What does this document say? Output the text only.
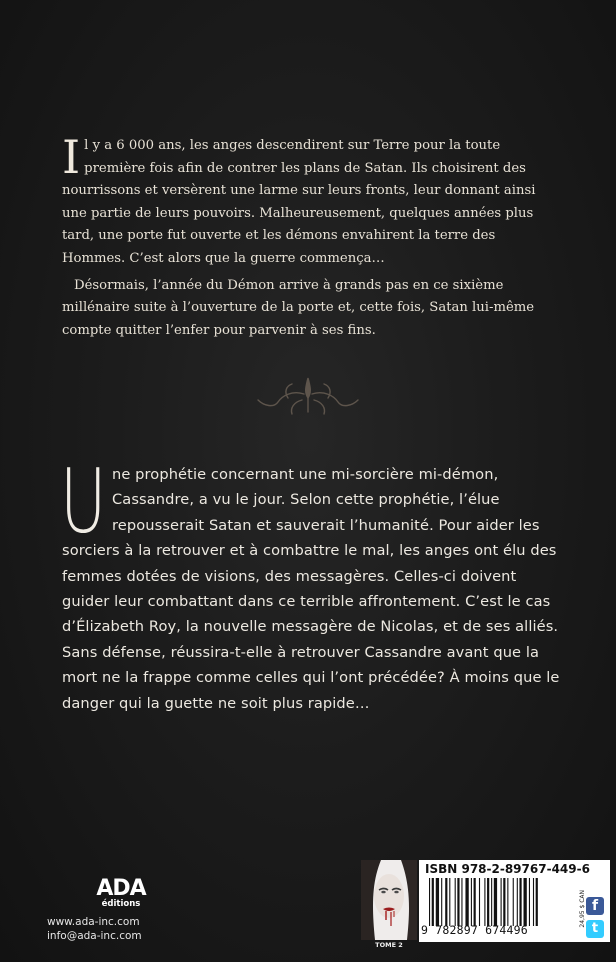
Il y a 6 000 ans, les anges descendirent sur Terre pour la toute première fois afin de contrer les plans de Satan. Ils choisirent des nourrissons et versèrent une larme sur leurs fronts, leur donnant ainsi une partie de leurs pouvoirs. Malheureusement, quelques années plus tard, une porte fut ouverte et les démons envahirent la terre des Hommes. C’est alors que la guerre commença…

Désormais, l’année du Démon arrive à grands pas en ce sixième millénaire suite à l’ouverture de la porte et, cette fois, Satan lui-même compte quitter l’enfer pour parvenir à ses fins.

Une prophétie concernant une mi-sorcière mi-démon, Cassandre, a vu le jour. Selon cette prophétie, l’élue repousserait Satan et sauverait l’humanité. Pour aider les sorciers à la retrouver et à combattre le mal, les anges ont élu des femmes dotées de visions, des messagères. Celles-ci doivent guider leur combattant dans ce terrible affrontement. C’est le cas d’Élizabeth Roy, la nouvelle messagère de Nicolas, et de ses alliés. Sans défense, réussira-t-elle à retrouver Cassandre avant que la mort ne la frappe comme celles qui l’ont précédée? À moins que le danger qui la guette ne soit plus rapide…

ADA
éditions
www.ada-inc.com
info@ada-inc.com
TOME 2
ISBN 978-2-89767-449-6
9 782897 674496
24,95 $ CAN f
t
